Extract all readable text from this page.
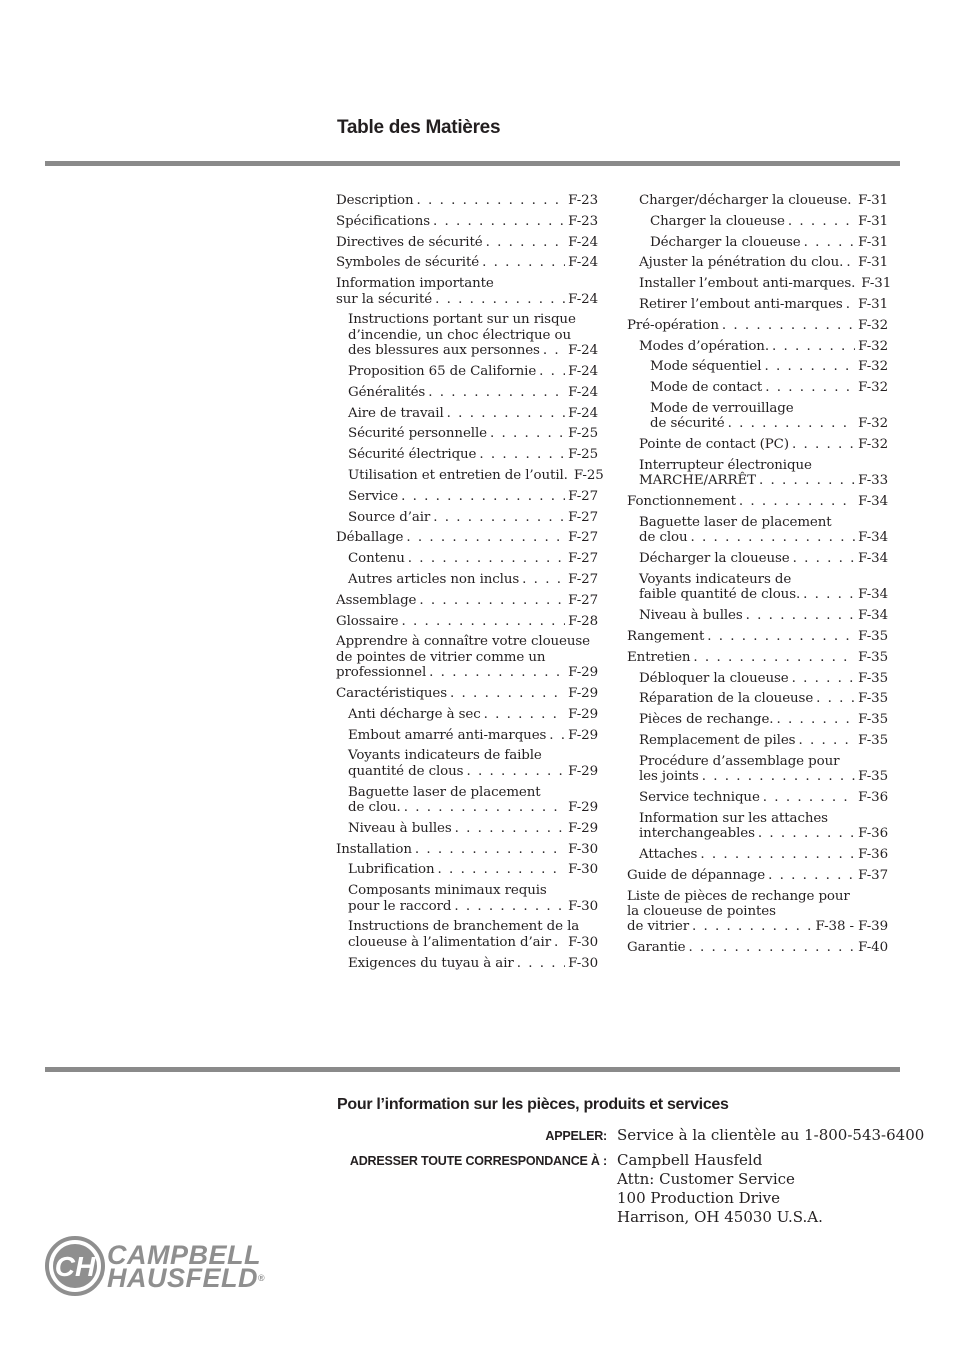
Table des Matières
Description . . .	F-23
Spécifications . . .	F-23
Directives de sécurité . . .	F-24
Symboles de sécurité . . .	F-24
Information importante
sur la sécurité . . .	F-24
Instructions portant sur un risque
d’incendie, un choc électrique ou
des blessures aux personnes . . . F-24
Proposition 65 de Californie . . . F-24
Généralités . . .	F-24
Aire de travail . . .	F-24
Sécurité personnelle . . .	F-25
Sécurité électrique . . .	F-25
Utilisation et entretien de l’outil. F-25
Service . . .	F-27
Source d’air . . .	F-27
Déballage . . .	F-27
Contenu . . .	F-27
Autres articles non inclus . . .	F-27
Assemblage . . .	F-27
Glossaire . . .	F-28
Apprendre à connaître votre cloueuse
de pointes de vitrier comme un
professionnel . . .	F-29
Caractéristiques . . .	F-29
Anti décharge à sec . . .	F-29
Embout amarré anti-marques . . . F-29
Voyants indicateurs de faible
quantité de clous . . .	F-29
Baguette laser de placement
de clou. . . .	F-29
Niveau à bulles . . .	F-29
Installation . . .	F-30
Lubrification . . .	F-30
Composants minimaux requis
pour le raccord . . .	F-30
Instructions de branchement de la
cloueuse à l’alimentation d’air . . . F-30
Exigences du tuyau à air . . .	F-30
Charger/décharger la cloueuse. . . . F-31
Charger la cloueuse . . .	F-31
Décharger la cloueuse . . .	F-31
Ajuster la pénétration du clou. . . . F-31
Installer l’embout anti-marques. F-31
Retirer l’embout anti-marques . . . F-31
Pré-opération . . .	F-32
Modes d’opération. . . .	F-32
Mode séquentiel . . .	F-32
Mode de contact . . .	F-32
Mode de verrouillage
de sécurité . . .	F-32
Pointe de contact (PC) . . .	F-32
Interrupteur électronique
MARCHE/ARRÊT . . .	F-33
Fonctionnement . . .	F-34
Baguette laser de placement
de clou . . .	F-34
Décharger la cloueuse . . .	F-34
Voyants indicateurs de
faible quantité de clous. . . .	F-34
Niveau à bulles . . .	F-34
Rangement . . .	F-35
Entretien . . .	F-35
Débloquer la cloueuse . . .	F-35
Réparation de la cloueuse . . .	F-35
Pièces de rechange. . . .	F-35
Remplacement de piles . . .	F-35
Procédure d’assemblage pour
les joints . . .	F-35
Service technique . . .	F-36
Information sur les attaches
interchangeables . . .	F-36
Attaches . . .	F-36
Guide de dépannage . . .	F-37
Liste de pièces de rechange pour
la cloueuse de pointes
de vitrier . . .	F-38 - F-39
Garantie . . .	F-40
Pour l’information sur les pièces, produits et services
APPELER: Service à la clientèle au 1-800-543-6400
ADRESSER TOUTE CORRESPONDANCE À : Campbell Hausfeld
Attn: Customer Service
100 Production Drive
Harrison, OH 45030 U.S.A.
CH CAMPBELL
HAUSFELD®
